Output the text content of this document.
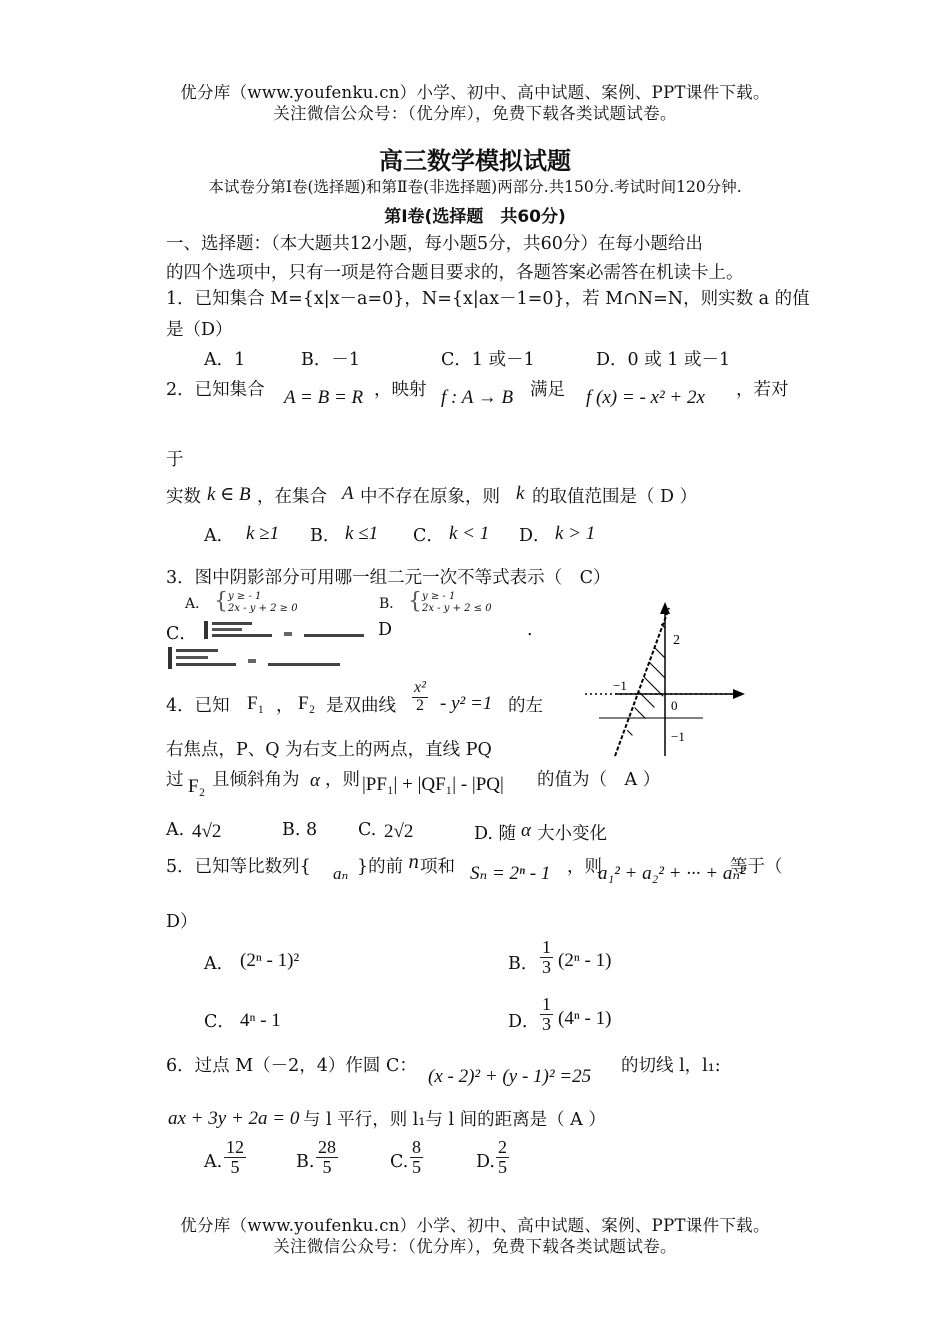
优分库（www.youfenku.cn）小学、初中、高中试题、案例、PPT课件下载。
关注微信公众号：（优分库），免费下载各类试题试卷。
高三数学模拟试题
本试卷分第Ⅰ卷(选择题)和第Ⅱ卷(非选择题)两部分.共150分.考试时间120分钟.
第Ⅰ卷(选择题　共60分)
一、选择题：（本大题共12小题，每小题5分，共60分）在每小题给出
的四个选项中，只有一项是符合题目要求的，各题答案必需答在机读卡上。
1．已知集合 M={x|x－a=0}，N={x|ax－1=0}，若 M∩N=N，则实数 a 的值
是（D）
A．1	B．－1	C．1 或－1	D．0 或 1 或－1
2．已知集合 A = B = R ，映射 f : A → B 满足 f (x) = - x² + 2x ，若对
于
实数 k ∈ B ，在集合 A 中不存在原象，则 k 的取值范围是（ D ）
A． k ≥1 B． k ≤1 C． k < 1 D． k > 1
3．图中阴影部分可用哪一组二元一次不等式表示（　C）
A． { y ≥ - 1
2x - y + 2 ≥ 0	B． { y ≥ - 1
2x - y + 2 ≤ 0
C．	D	.
−1
2
0
−1
4．已知 F₁ ， F₂ 是双曲线 $\frac{\text{x²}}{2} - y^2 =1$ 的左
右焦点，P、Q 为右支上的两点，直线 PQ
过 F₂ 且倾斜角为 α ，则 |PF₁| + |QF₁| - |PQ| 的值为（　A ）
A. 4√2	B. 8 C. 2√2	D. 随 α 大小变化
5．已知等比数列{ aₙ }的前 n 项和 Sₙ = 2ⁿ - 1 ，则
a₁² + a₂² + ··· + aₙ²
等于（
D）
A． (2ⁿ - 1)²	B． $\frac{1}{3} (2^n - 1)$
C． 4ⁿ - 1	D． $\frac{1}{3} (4^n - 1)$
6．过点 M（－2，4）作圆 C： (x - 2)² + (y - 1)² =25 的切线 l，l₁:
ax + 3y + 2a = 0 与 l 平行，则 l₁与 l 间的距离是（ A ）
A. $\frac{12}{5}$	B. $\frac{28}{5}$	C. $\frac{8}{5}$	D. $\frac{2}{5}$
优分库（www.youfenku.cn）小学、初中、高中试题、案例、PPT课件下载。
关注微信公众号：（优分库），免费下载各类试题试卷。
